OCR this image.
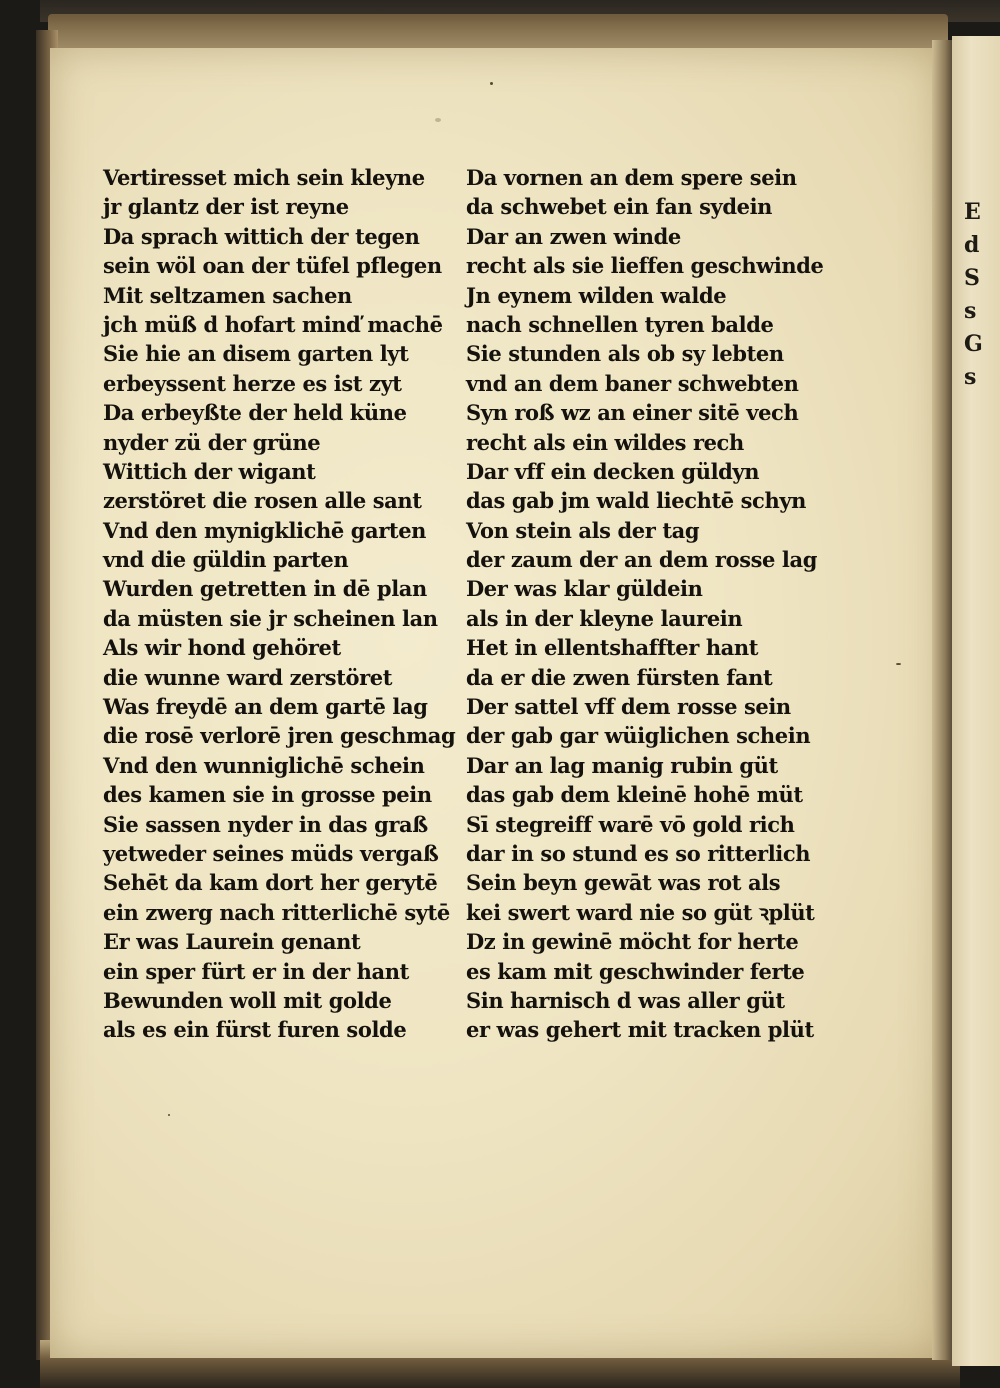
E
d
S
s
G
s
Vertiresset mich sein kleyne
jr glantz der ist reyne
Da sprach wittich der tegen
sein wöl oan der tüfel pflegen
Mit seltzamen sachen
jch müß d hofart minď machē
Sie hie an disem garten lyt
erbeyssent herze es ist zyt
Da erbeyßte der held küne
nyder zü der grüne
Wittich der wigant
zerstöret die rosen alle sant
Vnd den mynigklichē garten
vnd die güldin parten
Wurden getretten in dē plan
da müsten sie jr scheinen lan
Als wir hond gehöret
die wunne ward zerstöret
Was freydē an dem gartē lag
die rosē verlorē jren geschmag
Vnd den wunniglichē schein
des kamen sie in grosse pein
Sie sassen nyder in das graß
yetweder seines müds vergaß
Sehēt da kam dort her gerytē
ein zwerg nach ritterlichē sytē
Er was Laurein genant
ein sper fürt er in der hant
Bewunden woll mit golde
als es ein fürst furen solde
Da vornen an dem spere sein
da schwebet ein fan sydein
Dar an zwen winde
recht als sie lieffen geschwinde
Jn eynem wilden walde
nach schnellen tyren balde
Sie stunden als ob sy lebten
vnd an dem baner schwebten
Syn roß wz an einer sitē vech
recht als ein wildes rech
Dar vff ein decken güldyn
das gab jm wald liechtē schyn
Von stein als der tag
der zaum der an dem rosse lag
Der was klar güldein
als in der kleyne laurein
Het in ellentshaffter hant
da er die zwen fürsten fant
Der sattel vff dem rosse sein
der gab gar wüiglichen schein
Dar an lag manig rubin güt
das gab dem kleinē hohē müt
Sī stegreiff warē vō gold rich
dar in so stund es so ritterlich
Sein beyn gewāt was rot als
kei swert ward nie so güt ꝛplüt
Dz in gewinē möcht for herte
es kam mit geschwinder ferte
Sin harnisch d was aller güt
er was gehert mit tracken plüt
